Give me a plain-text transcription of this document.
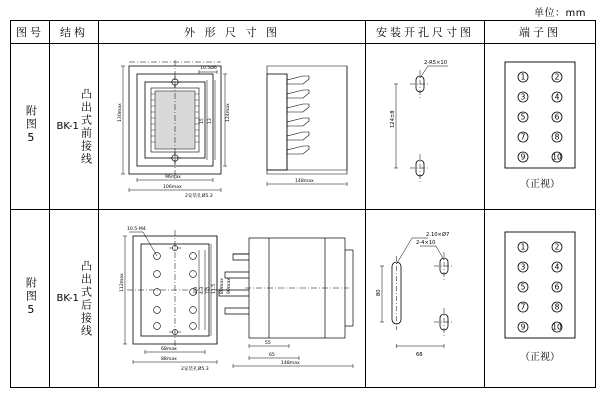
单位：mm
图号	结构	外 形 尺 寸 图	安装开孔尺寸图	端子图
附图5	BK-1 凸出式前接线

10.5Ø6
15 13
130max	124max
96max
106max
2安装孔Ø5.3
148max

2-R5×10
124±8

1	2
3	4
5	6
7	8
9	10
（正视）

附图5	BK-1 凸出式后接线

10.5-M4
112max	3.3 4.3 7.5 11.5 80max 90max
68max
88max
2安装孔Ø5.3
55
65
148max

2-4×10
2.10×Ø7
80
68

1	2
3	4
5	6
7	8
9	10
（正视）
